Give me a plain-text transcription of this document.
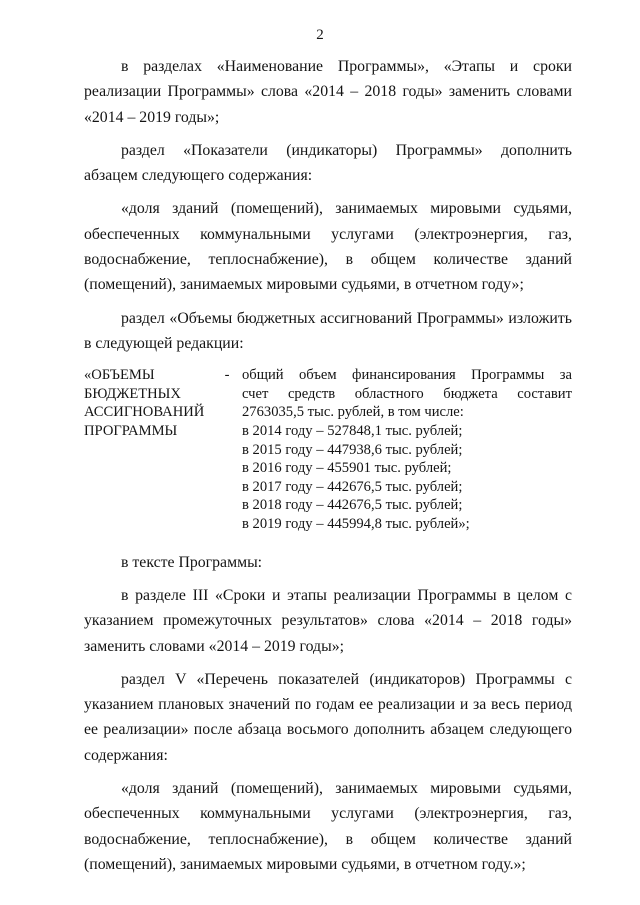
2

в разделах «Наименование Программы», «Этапы и сроки реализации Программы» слова «2014 – 2018 годы» заменить словами «2014 – 2019 годы»;

раздел «Показатели (индикаторы) Программы» дополнить абзацем следующего содержания:

«доля зданий (помещений), занимаемых мировыми судьями, обеспеченных коммунальными услугами (электроэнергия, газ, водоснабжение, теплоснабжение), в общем количестве зданий (помещений), занимаемых мировыми судьями, в отчетном году»;

раздел «Объемы бюджетных ассигнований Программы» изложить в следующей редакции:

«ОБЪЕМЫ
БЮДЖЕТНЫХ
АССИГНОВАНИЙ
ПРОГРАММЫ
- общий объем финансирования Программы за
счет средств областного бюджета составит
2763035,5 тыс. рублей, в том числе:
в 2014 году – 527848,1 тыс. рублей;
в 2015 году – 447938,6 тыс. рублей;
в 2016 году – 455901 тыс. рублей;
в 2017 году – 442676,5 тыс. рублей;
в 2018 году – 442676,5 тыс. рублей;
в 2019 году – 445994,8 тыс. рублей»;

в тексте Программы:

в разделе III «Сроки и этапы реализации Программы в целом с указанием промежуточных результатов» слова «2014 – 2018 годы» заменить словами «2014 – 2019 годы»;

раздел V «Перечень показателей (индикаторов) Программы с указанием плановых значений по годам ее реализации и за весь период ее реализации» после абзаца восьмого дополнить абзацем следующего содержания:

«доля зданий (помещений), занимаемых мировыми судьями, обеспеченных коммунальными услугами (электроэнергия, газ, водоснабжение, теплоснабжение), в общем количестве зданий (помещений), занимаемых мировыми судьями, в отчетном году.»;
